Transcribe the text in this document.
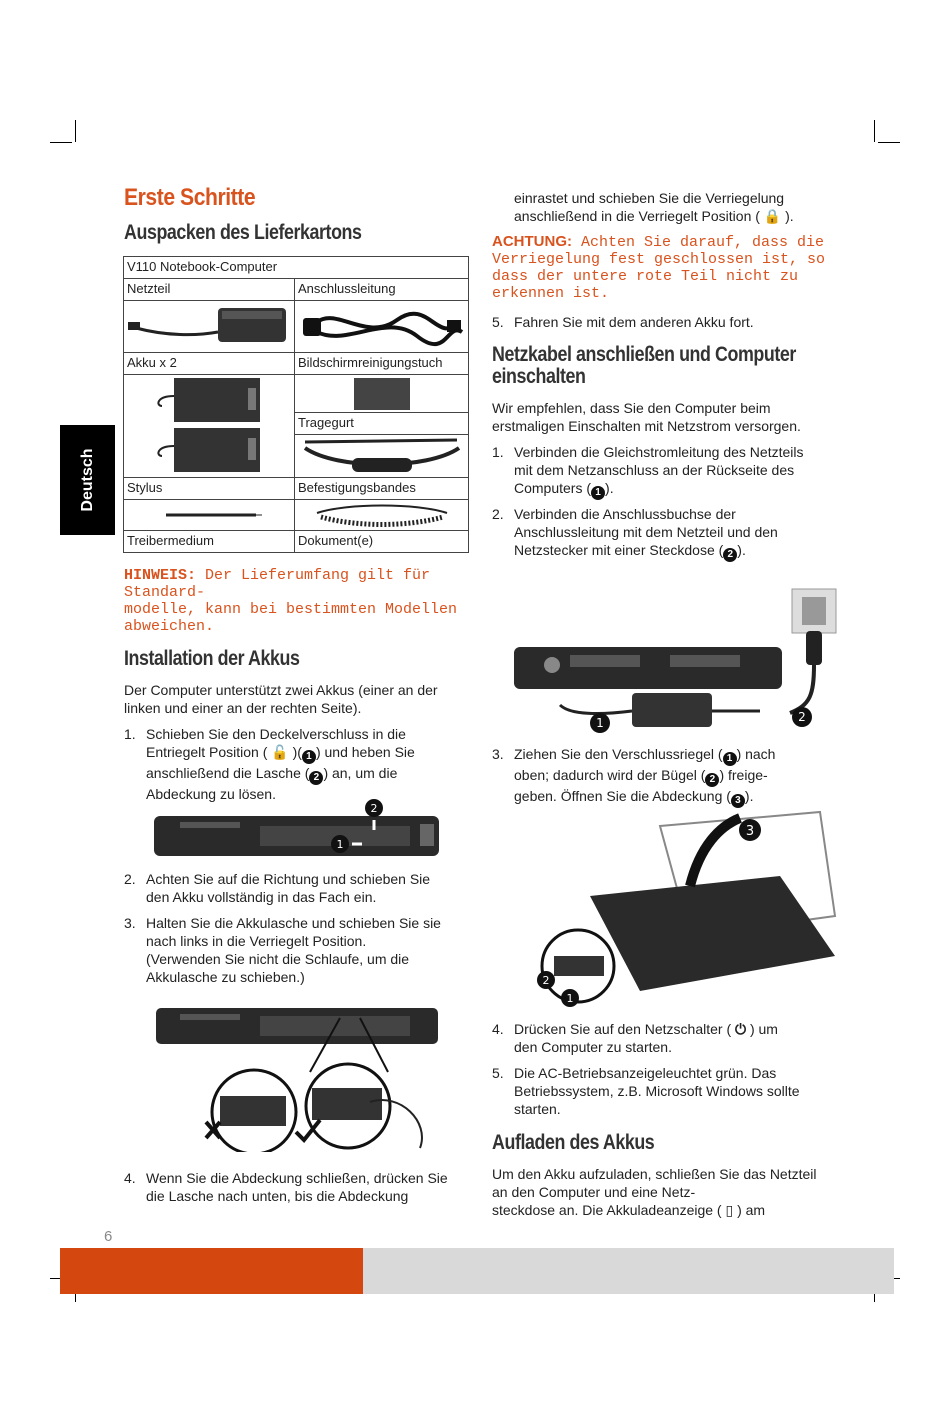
Deutsch
Erste Schritte
Auspacken des Lieferkartons
V110 Notebook-Computer
Netzteil	Anschlussleitung
Akku x 2	Bildschirmreinigungstuch
Tragegurt
Stylus	Befestigungsbandes
Treibermedium	Dokument(e)
HINWEIS: Der Lieferumfang gilt für Standard-
modelle, kann bei bestimmten Modellen
abweichen.
Installation der Akkus
Der Computer unterstützt zwei Akkus (einer an der
linken und einer an der rechten Seite).
1. Schieben Sie den Deckelverschluss in die
Entriegelt Position ( 🔓 )( 1 ) und heben Sie
anschließend die Lasche ( 2 ) an, um die
Abdeckung zu lösen.
2
1
2. Achten Sie auf die Richtung und schieben Sie
den Akku vollständig in das Fach ein.
3. Halten Sie die Akkulasche und schieben Sie sie
nach links in die Verriegelt Position.
(Verwenden Sie nicht die Schlaufe, um die
Akkulasche zu schieben.)
4. Wenn Sie die Abdeckung schließen, drücken Sie
die Lasche nach unten, bis die Abdeckung
einrastet und schieben Sie die Verriegelung
anschließend in die Verriegelt Position ( 🔒 ).
ACHTUNG: Achten Sie darauf, dass die
Verriegelung fest geschlossen ist, so
dass der untere rote Teil nicht zu
erkennen ist.
5. Fahren Sie mit dem anderen Akku fort.
Netzkabel anschließen und Computer
einschalten
Wir empfehlen, dass Sie den Computer beim
erstmaligen Einschalten mit Netzstrom versorgen.
1. Verbinden die Gleichstromleitung des Netzteils
mit dem Netzanschluss an der Rückseite des
Computers ( 1 ).
2. Verbinden die Anschlussbuchse der
Anschlussleitung mit dem Netzteil und den
Netzstecker mit einer Steckdose ( 2 ).
1	2
3. Ziehen Sie den Verschlussriegel ( 1 ) nach
oben; dadurch wird der Bügel ( 2 ) freige-
geben. Öffnen Sie die Abdeckung ( 3 ).
3
2
1
4. Drücken Sie auf den Netzschalter ( ⏻ ) um
den Computer zu starten.
5. Die AC-Betriebsanzeigeleuchtet grün. Das
Betriebssystem, z.B. Microsoft Windows sollte
starten.
Aufladen des Akkus
Um den Akku aufzuladen, schließen Sie das Netzteil
an den Computer und eine Netz-
steckdose an. Die Akkuladeanzeige ( ▯ ) am
6
